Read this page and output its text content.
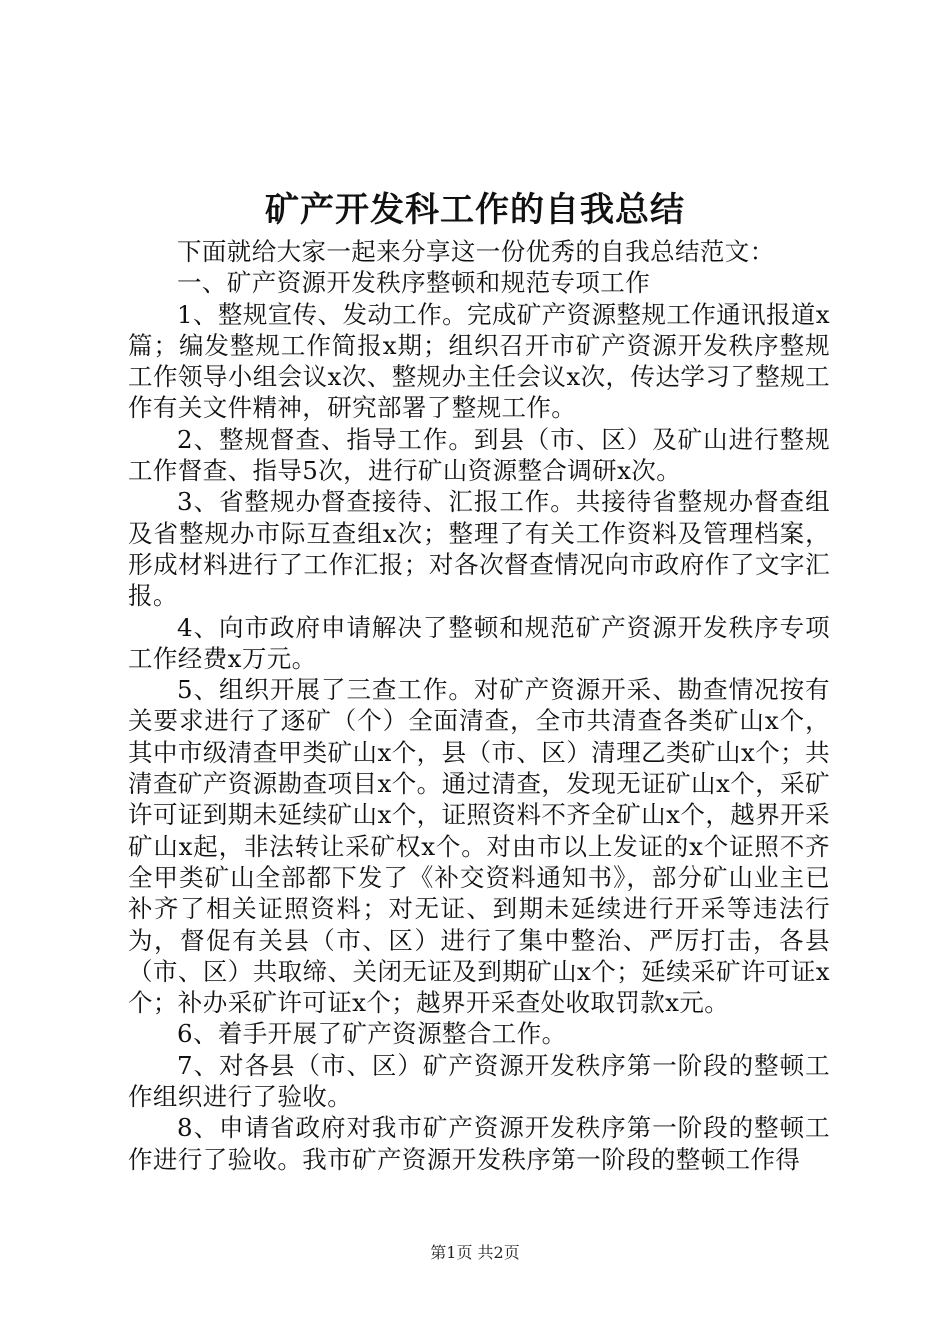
矿产开发科工作的自我总结

下面就给大家一起来分享这一份优秀的自我总结范文：

一、矿产资源开发秩序整顿和规范专项工作

1、整规宣传、发动工作。完成矿产资源整规工作通讯报道x篇；编发整规工作简报x期；组织召开市矿产资源开发秩序整规工作领导小组会议x次、整规办主任会议x次，传达学习了整规工作有关文件精神，研究部署了整规工作。

2、整规督查、指导工作。到县（市、区）及矿山进行整规工作督查、指导5次，进行矿山资源整合调研x次。

3、省整规办督查接待、汇报工作。共接待省整规办督查组及省整规办市际互查组x次；整理了有关工作资料及管理档案，形成材料进行了工作汇报；对各次督查情况向市政府作了文字汇报。

4、向市政府申请解决了整顿和规范矿产资源开发秩序专项工作经费x万元。

5、组织开展了三查工作。对矿产资源开采、勘查情况按有关要求进行了逐矿（个）全面清查，全市共清查各类矿山x个，其中市级清查甲类矿山x个，县（市、区）清理乙类矿山x个；共清查矿产资源勘查项目x个。通过清查，发现无证矿山x个，采矿许可证到期未延续矿山x个，证照资料不齐全矿山x个，越界开采矿山x起，非法转让采矿权x个。对由市以上发证的x个证照不齐全甲类矿山全部都下发了《补交资料通知书》，部分矿山业主已补齐了相关证照资料；对无证、到期未延续进行开采等违法行为，督促有关县（市、区）进行了集中整治、严厉打击，各县（市、区）共取缔、关闭无证及到期矿山x个；延续采矿许可证x个；补办采矿许可证x个；越界开采查处收取罚款x元。

6、着手开展了矿产资源整合工作。

7、对各县（市、区）矿产资源开发秩序第一阶段的整顿工作组织进行了验收。

8、申请省政府对我市矿产资源开发秩序第一阶段的整顿工作进行了验收。我市矿产资源开发秩序第一阶段的整顿工作得

第1页 共2页
